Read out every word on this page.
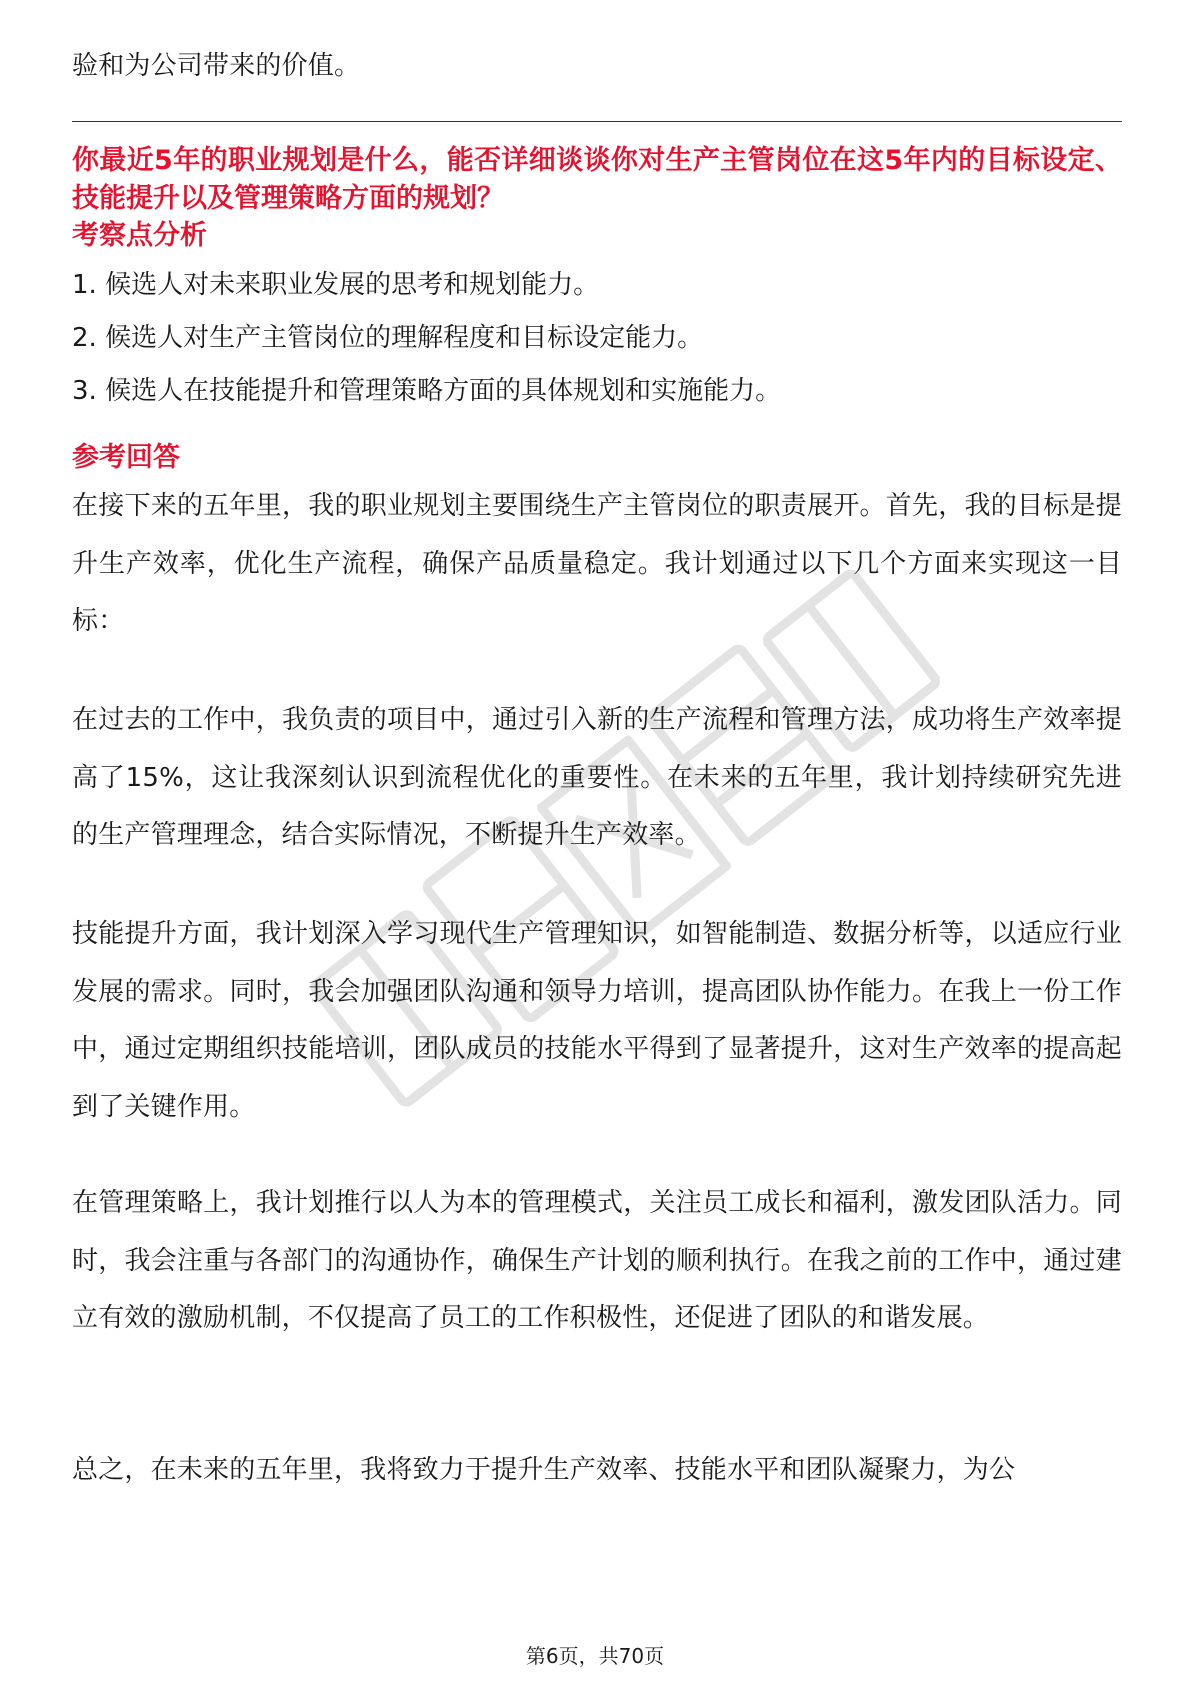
验和为公司带来的价值。

你最近5年的职业规划是什么，能否详细谈谈你对生产主管岗位在这5年内的目标设定、技能提升以及管理策略方面的规划？

考察点分析

1. 候选人对未来职业发展的思考和规划能力。

2. 候选人对生产主管岗位的理解程度和目标设定能力。

3. 候选人在技能提升和管理策略方面的具体规划和实施能力。

参考回答

在接下来的五年里，我的职业规划主要围绕生产主管岗位的职责展开。首先，我的目标是提升生产效率，优化生产流程，确保产品质量稳定。我计划通过以下几个方面来实现这一目标：

在过去的工作中，我负责的项目中，通过引入新的生产流程和管理方法，成功将生产效率提高了15%，这让我深刻认识到流程优化的重要性。在未来的五年里，我计划持续研究先进的生产管理理念，结合实际情况，不断提升生产效率。

技能提升方面，我计划深入学习现代生产管理知识，如智能制造、数据分析等，以适应行业发展的需求。同时，我会加强团队沟通和领导力培训，提高团队协作能力。在我上一份工作中，通过定期组织技能培训，团队成员的技能水平得到了显著提升，这对生产效率的提高起到了关键作用。

在管理策略上，我计划推行以人为本的管理模式，关注员工成长和福利，激发团队活力。同时，我会注重与各部门的沟通协作，确保生产计划的顺利执行。在我之前的工作中，通过建立有效的激励机制，不仅提高了员工的工作积极性，还促进了团队的和谐发展。

总之，在未来的五年里，我将致力于提升生产效率、技能水平和团队凝聚力，为公

第6页，共70页
